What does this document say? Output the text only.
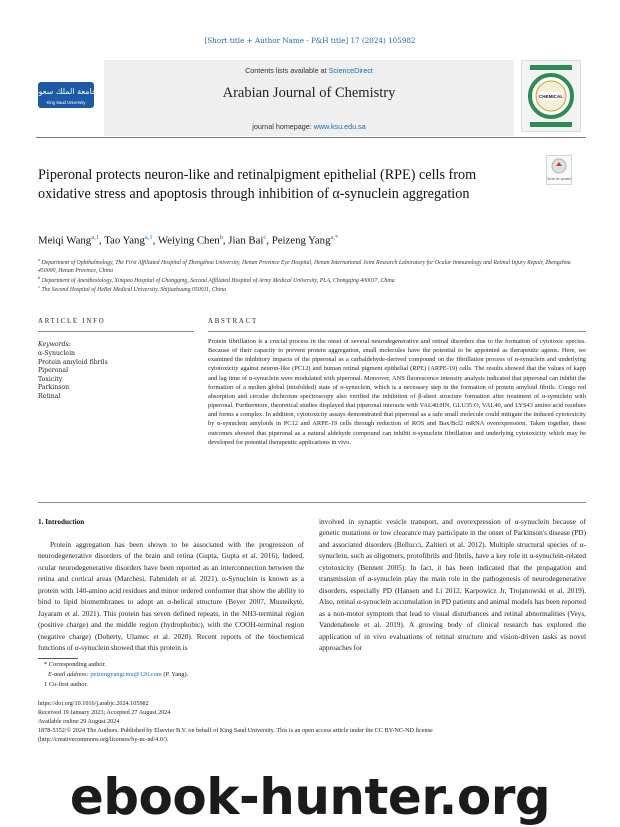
[Short title + Author Name - P&H title] 17 (2024) 105982
Contents lists available at ScienceDirect
Arabian Journal of Chemistry
journal homepage: www.ksu.edu.sa
جامعة الملك سعود
King Saud University
CHEMICAL
Check for updates
Piperonal protects neuron-like and retinalpigment epithelial (RPE) cells from oxidative stress and apoptosis through inhibition of α-synuclein aggregation
Meiqi Wang$^{a,1}$, Tao Yang$^{a,1}$, Weiying Chen$^b$, Jian Bai$^c$, Peizeng Yang$^{a,*}$
$^a$ Department of Ophthalmology, The First Affiliated Hospital of Zhengzhou University, Henan Province Eye Hospital, Henan International Joint Research Laboratory for Ocular Immunology and Retinal Injury Repair, Zhengzhou 450000, Henan Province, China
$^b$ Department of Anesthesiology, Xinqiao Hospital of Chongqing, Second Affiliated Hospital of Army Medical University, PLA, Chongqing 400037, China
$^c$ The Second Hospital of HeBei Medical University, Shijiazhuang 050011, China
ARTICLE INFO	ABSTRACT
Keywords:
α-Synuclein
Protein amyloid fibrils
Piperonal
Toxicity
Parkinson
Retinal
Protein fibrillation is a crucial process in the onset of several neurodegenerative and retinal disorders due to the formation of cytotoxic species. Because of their capacity to prevent protein aggregation, small molecules have the potential to be appointed as therapeutic agents. Here, we examined the inhibitory impacts of the piperonal as a carbaldehyde-derived compound on the fibrillation process of α-synuclein and underlying cytotoxicity against neuron-like (PC12) and human retinal pigment epithelial (RPE) (ARPE-19) cells. The results showed that the values of kapp and lag time of α-synuclein were modulated with piperonal. Moreover, ANS fluorescence intensity analysis indicated that piperonal can inhibit the formation of a molten global (misfolded) state of α-synuclein, which is a necessary step in the formation of protein amyloid fibrils. Congo red absorption and circular dichroism spectroscopy also verified the inhibition of β-sheet structure formation after treatment of α-synuclein with piperonal. Furthermore, theoretical studies displayed that piperonal interacts with VAL40:HN, GLU35:O, VAL40, and LYS43 amino acid residues and forms a complex. In addition, cytotoxicity assays demonstrated that piperonal as a safe small molecule could mitigate the induced cytotoxicity by α-synuclein amyloids in PC12 and ARPE-19 cells through reduction of ROS and Bax/Bcl2 mRNA overexpression. Taken together, these outcomes showed that piperonal as a natural aldehyde compound can inhibit α-synuclein fibrillation and underlying cytotoxicity which may be developed for potential therapeutic applications in vivo.
1. Introduction
Protein aggregation has been shown to be associated with the progression of neurodegenerative disorders of the brain and retina (Gupta, Gupta et al. 2016). Indeed, ocular neurodegenerative disorders have been reported as an interconnection between the retina and cortical areas (Marchesi, Fahmideh et al. 2021). α-Synuclein is known as a protein with 140-amino acid residues and minor ordered conformer that show the ability to bind to lipid biomembranes to adopt an α-helical structure (Beyer 2007, Musteikytė, Jayaram et al. 2021). This protein has seven defined repeats, in the NH3-terminal region (positive charge) and the middle region (hydrophobic), with the COOH-terminal region (negative charge) (Doherty, Ulamec et al. 2020). Recent reports of the biochemical functions of α-synuclein showed that this protein is
involved in synaptic vesicle transport, and overexpression of α-synuclein because of genetic mutations or low clearance may participate in the onset of Parkinson's disease (PD) and associated disorders (Bellucci, Zaltieri et al. 2012). Multiple structural species of α-synuclein, such as oligomers, protofibrils and fibrils, have a key role in α-synuclein-related cytotoxicity (Bennett 2005). In fact, it has been indicated that the propagation and transmission of α-synuclein play the main role in the pathogenesis of neurodegenerative disorders, especially PD (Hansen and Li 2012, Karpowicz Jr, Trojanowski et al. 2019). Also, retinal α-synuclein accumulation in PD patients and animal models has been reported as a non-motor symptom that lead to visual disturbances and retinal abnormalities (Veys, Vandenabeele et al. 2019). A growing body of clinical research has explored the application of in vivo evaluations of retinal structure and vision-driven tasks as novel approaches for
* Corresponding author.
E-mail address: peizengyangcmu@126.com (P. Yang).
1 Co-first author.
https://doi.org/10.1016/j.arabjc.2024.105982
Received 19 January 2023; Accepted 27 August 2024
Available online 29 August 2024
1878-5352/© 2024 The Authors. Published by Elsevier B.V. on behalf of King Saud University. This is an open access article under the CC BY-NC-ND license
(http://creativecommons.org/licenses/by-nc-nd/4.0/).
ebook-hunter.org
